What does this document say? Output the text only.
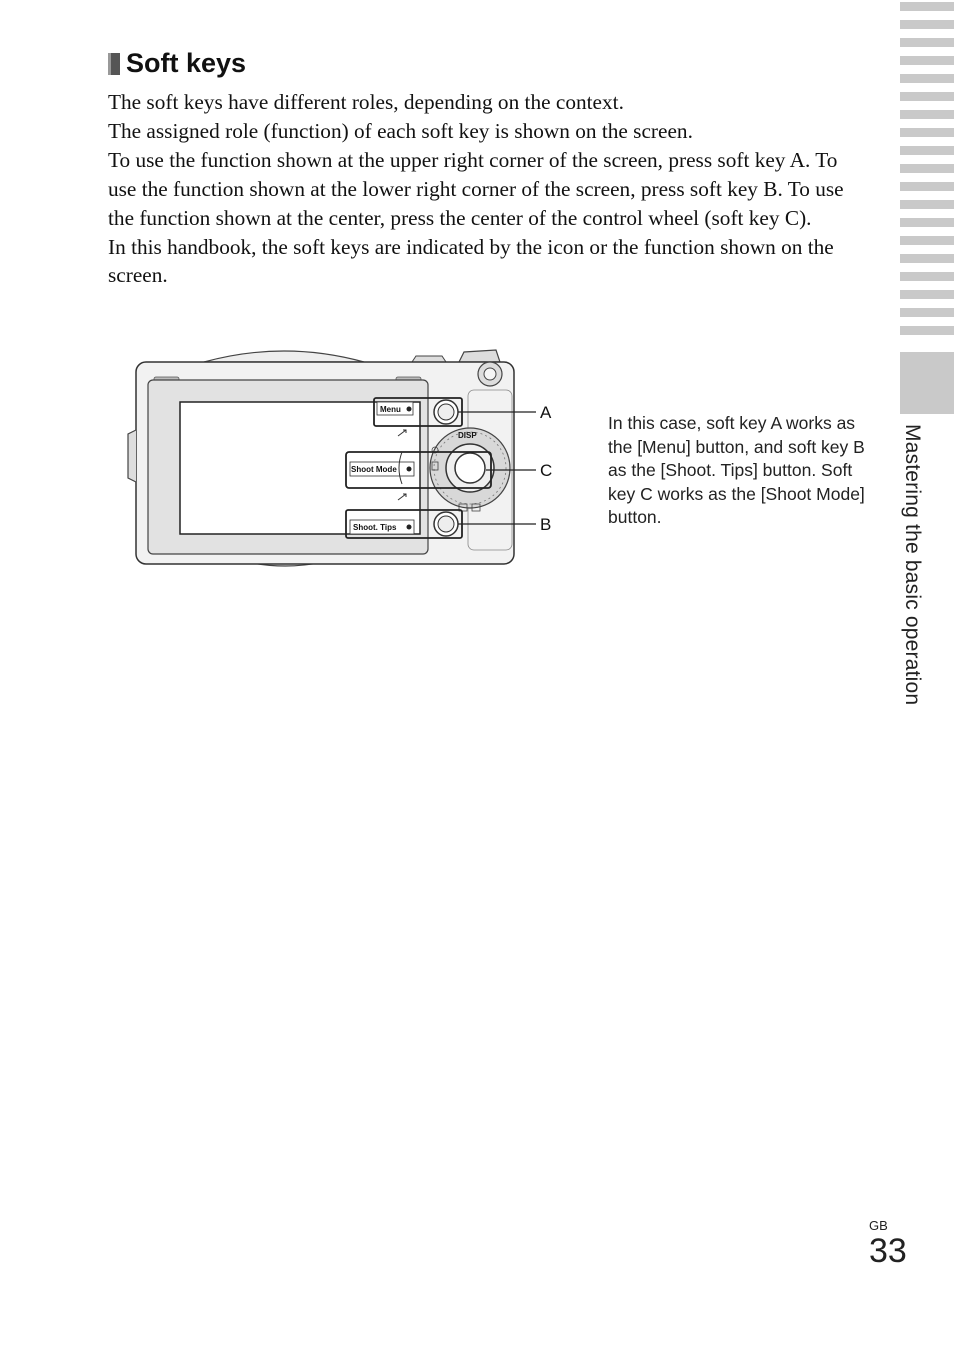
Soft keys

The soft keys have different roles, depending on the context.

The assigned role (function) of each soft key is shown on the screen.

To use the function shown at the upper right corner of the screen, press soft key A. To use the function shown at the lower right corner of the screen, press soft key B. To use the function shown at the center, press the center of the control wheel (soft key C).

In this handbook, the soft keys are indicated by the icon or the function shown on the screen.

Menu
Shoot Mode
Shoot. Tips
DISP
A
C
B
In this case, soft key A works as the [Menu] button, and soft key B as the [Shoot. Tips] button. Soft key C works as the [Shoot Mode] button.	Mastering the basic operation
GB
33
